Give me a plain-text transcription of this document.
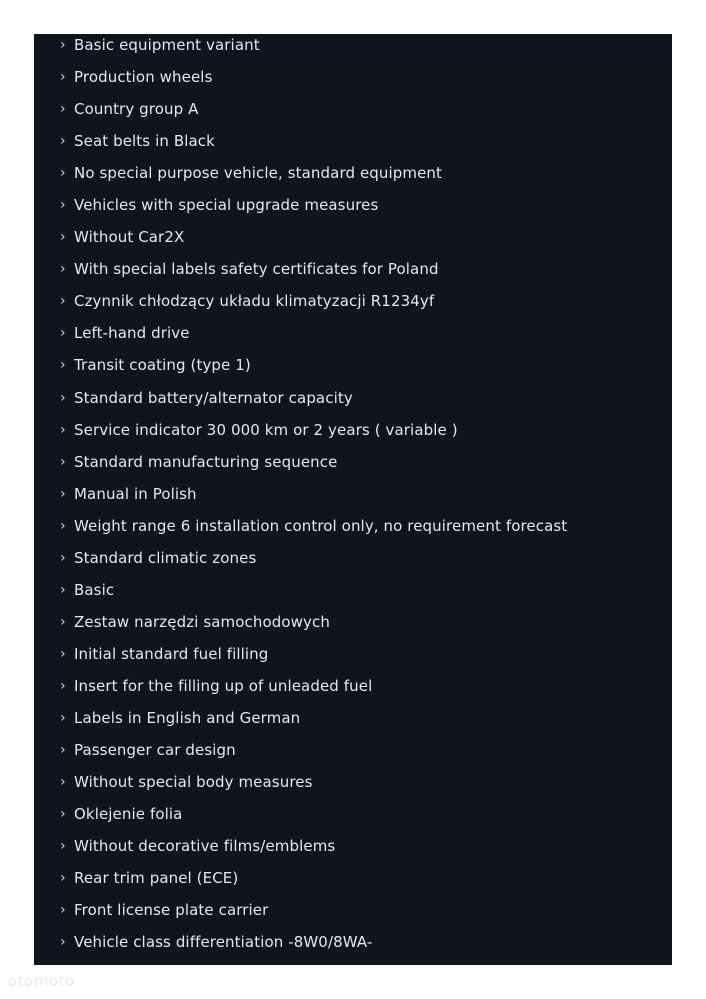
› Basic equipment variant
› Production wheels
› Country group A
› Seat belts in Black
› No special purpose vehicle, standard equipment
› Vehicles with special upgrade measures
› Without Car2X
› With special labels safety certificates for Poland
› Czynnik chłodzący układu klimatyzacji R1234yf
› Left-hand drive
› Transit coating (type 1)
› Standard battery/alternator capacity
› Service indicator 30 000 km or 2 years ( variable )
› Standard manufacturing sequence
› Manual in Polish
› Weight range 6 installation control only, no requirement forecast
› Standard climatic zones
› Basic
› Zestaw narzędzi samochodowych
› Initial standard fuel filling
› Insert for the filling up of unleaded fuel
› Labels in English and German
› Passenger car design
› Without special body measures
› Oklejenie folia
› Without decorative films/emblems
› Rear trim panel (ECE)
› Front license plate carrier
› Vehicle class differentiation -8W0/8WA-
otomoto
